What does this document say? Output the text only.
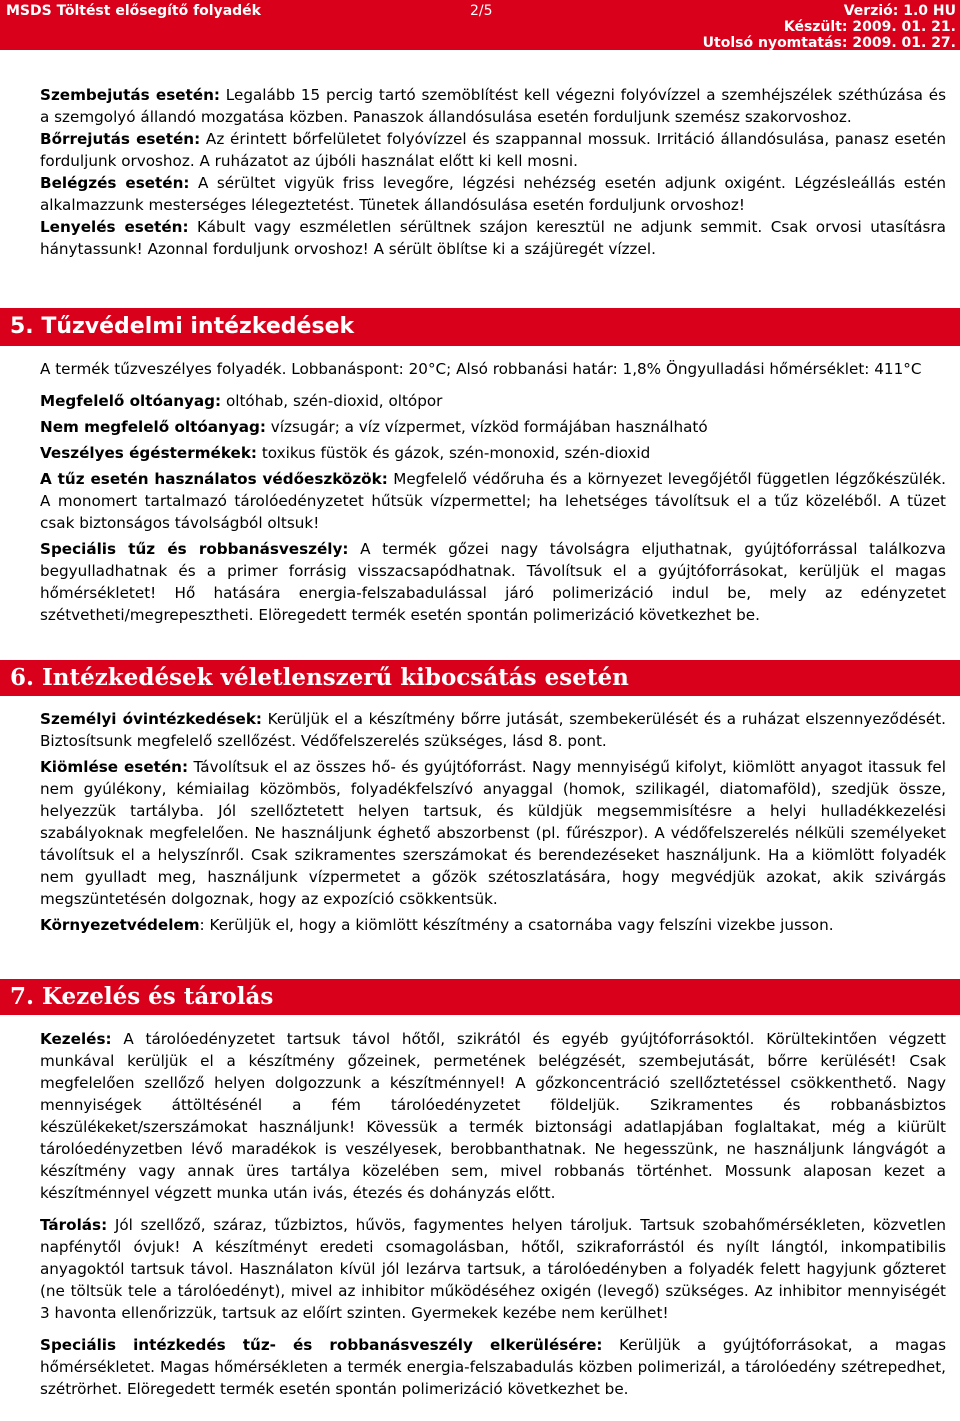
MSDS Töltést elősegítő folyadék	2/5	Verzió: 1.0 HU
Készült: 2009. 01. 21.
Utolsó nyomtatás: 2009. 01. 27.

Szembejutás esetén: Legalább 15 percig tartó szemöblítést kell végezni folyóvízzel a szemhéjszélek széthúzása és a szemgolyó állandó mozgatása közben. Panaszok állandósulása esetén forduljunk szemész szakorvoshoz.

Bőrrejutás esetén: Az érintett bőrfelületet folyóvízzel és szappannal mossuk. Irritáció állandósulása, panasz esetén forduljunk orvoshoz. A ruházatot az újbóli használat előtt ki kell mosni.

Belégzés esetén: A sérültet vigyük friss levegőre, légzési nehézség esetén adjunk oxigént. Légzésleállás estén alkalmazzunk mesterséges lélegeztetést. Tünetek állandósulása esetén forduljunk orvoshoz!

Lenyelés esetén: Kábult vagy eszméletlen sérültnek szájon keresztül ne adjunk semmit. Csak orvosi utasításra hánytassunk! Azonnal forduljunk orvoshoz! A sérült öblítse ki a szájüregét vízzel.

5. Tűzvédelmi intézkedések

A termék tűzveszélyes folyadék. Lobbanáspont: 20°C; Alsó robbanási határ: 1,8% Öngyulladási hőmérséklet: 411°C

Megfelelő oltóanyag: oltóhab, szén-dioxid, oltópor

Nem megfelelő oltóanyag: vízsugár; a víz vízpermet, vízköd formájában használható

Veszélyes égéstermékek: toxikus füstök és gázok, szén-monoxid, szén-dioxid

A tűz esetén használatos védőeszközök: Megfelelő védőruha és a környezet levegőjétől független légzőkészülék. A monomert tartalmazó tárolóedényzetet hűtsük vízpermettel; ha lehetséges távolítsuk el a tűz közeléből. A tüzet csak biztonságos távolságból oltsuk!

Speciális tűz és robbanásveszély: A termék gőzei nagy távolságra eljuthatnak, gyújtóforrással találkozva begyulladhatnak és a primer forrásig visszacsapódhatnak. Távolítsuk el a gyújtóforrásokat, kerüljük el magas hőmérsékletet! Hő hatására energia-felszabadulással járó polimerizáció indul be, mely az edényzetet szétvetheti/megrepesztheti. Elöregedett termék esetén spontán polimerizáció következhet be.

6. Intézkedések véletlenszerű kibocsátás esetén

Személyi óvintézkedések: Kerüljük el a készítmény bőrre jutását, szembekerülését és a ruházat elszennyeződését. Biztosítsunk megfelelő szellőzést. Védőfelszerelés szükséges, lásd 8. pont.

Kiömlése esetén: Távolítsuk el az összes hő- és gyújtóforrást. Nagy mennyiségű kifolyt, kiömlött anyagot itassuk fel nem gyúlékony, kémiailag közömbös, folyadékfelszívó anyaggal (homok, szilikagél, diatomaföld), szedjük össze, helyezzük tartályba. Jól szellőztetett helyen tartsuk, és küldjük megsemmisítésre a helyi hulladékkezelési szabályoknak megfelelően. Ne használjunk éghető abszorbenst (pl. fűrészpor). A védőfelszerelés nélküli személyeket távolítsuk el a helyszínről. Csak szikramentes szerszámokat és berendezéseket használjunk. Ha a kiömlött folyadék nem gyulladt meg, használjunk vízpermetet a gőzök szétoszlatására, hogy megvédjük azokat, akik szivárgás megszüntetésén dolgoznak, hogy az expozíció csökkentsük.

Környezetvédelem: Kerüljük el, hogy a kiömlött készítmény a csatornába vagy felszíni vizekbe jusson.

7. Kezelés és tárolás

Kezelés: A tárolóedényzetet tartsuk távol hőtől, szikrától és egyéb gyújtóforrásoktól. Körültekintően végzett munkával kerüljük el a készítmény gőzeinek, permetének belégzését, szembejutását, bőrre kerülését! Csak megfelelően szellőző helyen dolgozzunk a készítménnyel! A gőzkoncentráció szellőztetéssel csökkenthető. Nagy mennyiségek áttöltésénél a fém tárolóedényzetet földeljük. Szikramentes és robbanásbiztos készülékeket/szerszámokat használjunk! Kövessük a termék biztonsági adatlapjában foglaltakat, még a kiürült tárolóedényzetben lévő maradékok is veszélyesek, berobbanthatnak. Ne hegesszünk, ne használjunk lángvágót a készítmény vagy annak üres tartálya közelében sem, mivel robbanás történhet. Mossunk alaposan kezet a készítménnyel végzett munka után ivás, étezés és dohányzás előtt.

Tárolás: Jól szellőző, száraz, tűzbiztos, hűvös, fagymentes helyen tároljuk. Tartsuk szobahőmérsékleten, közvetlen napfénytől óvjuk! A készítményt eredeti csomagolásban, hőtől, szikraforrástól és nyílt lángtól, inkompatibilis anyagoktól tartsuk távol. Használaton kívül jól lezárva tartsuk, a tárolóedényben a folyadék felett hagyjunk gőzteret (ne töltsük tele a tárolóedényt), mivel az inhibitor működéséhez oxigén (levegő) szükséges. Az inhibitor mennyiségét 3 havonta ellenőrizzük, tartsuk az előírt szinten. Gyermekek kezébe nem kerülhet!

Speciális intézkedés tűz- és robbanásveszély elkerülésére: Kerüljük a gyújtóforrásokat, a magas hőmérsékletet. Magas hőmérsékleten a termék energia-felszabadulás közben polimerizál, a tárolóedény szétrepedhet, szétrörhet. Elöregedett termék esetén spontán polimerizáció következhet be.
